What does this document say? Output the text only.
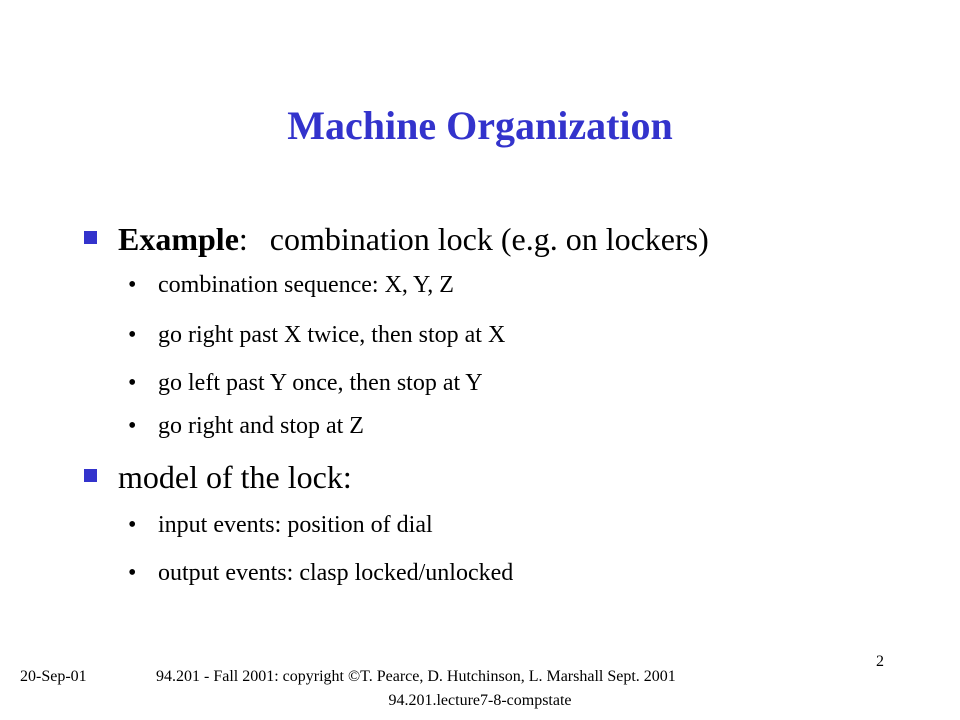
Machine Organization
Example: combination lock (e.g. on lockers)
• combination sequence: X, Y, Z
• go right past X twice, then stop at X
• go left past Y once, then stop at Y
• go right and stop at Z
model of the lock:
• input events: position of dial
• output events: clasp locked/unlocked
20-Sep-01	94.201 - Fall 2001: copyright ©T. Pearce, D. Hutchinson, L. Marshall Sept. 2001
2
94.201.lecture7-8-compstate
